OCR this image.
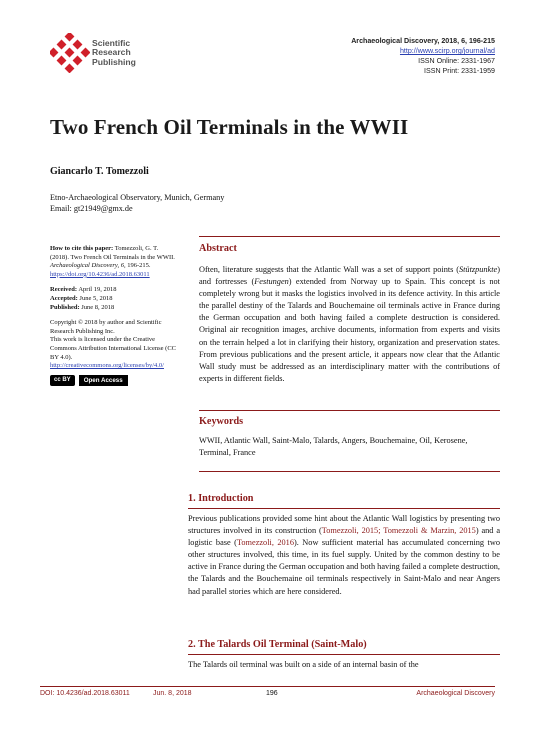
Scientific
Research
Publishing
Archaeological Discovery, 2018, 6, 196-215
http://www.scirp.org/journal/ad
ISSN Online: 2331-1967
ISSN Print: 2331-1959
Two French Oil Terminals in the WWII
Giancarlo T. Tomezzoli
Etno-Archaeological Observatory, Munich, Germany
Email: gt21949@gmx.de

How to cite this paper: Tomezzoli, G. T. (2018). Two French Oil Terminals in the WWII. Archaeological Discovery, 6, 196-215. https://doi.org/10.4236/ad.2018.63011

Received: April 19, 2018

Accepted: June 5, 2018

Published: June 8, 2018

Copyright © 2018 by author and Scientific Research Publishing Inc.

This work is licensed under the Creative Commons Attribution International License (CC BY 4.0).

http://creativecommons.org/licenses/by/4.0/

cc BY Open Access
Abstract
Often, literature suggests that the Atlantic Wall was a set of support points (Stützpunkte) and fortresses (Festungen) extended from Norway up to Spain. This concept is not completely wrong but it masks the logistics involved in its defence activity. In this article the parallel destiny of the Talards and Bouchemaine oil terminals active in France during the German occupation and both having failed a complete destruction is considered. Original air recognition images, archive documents, information from experts and visits on the terrain helped a lot in clarifying their history, organization and preservation states. From previous publications and the present article, it appears now clear that the Atlantic Wall study must be addressed as an interdisciplinary matter with the contributions of experts in different fields.
Keywords
WWII, Atlantic Wall, Saint-Malo, Talards, Angers, Bouchemaine, Oil, Kerosene, Terminal, France
1. Introduction
Previous publications provided some hint about the Atlantic Wall logistics by presenting two structures involved in its construction (Tomezzoli, 2015; Tomezzoli & Marzin, 2015) and a logistic base (Tomezzoli, 2016). Now sufficient material has accumulated concerning two other structures involved, this time, in its fuel supply. United by the common destiny to be active in France during the German occupation and both having failed a complete destruction, the Talards and the Bouchemaine oil terminals respectively in Saint-Malo and near Angers had parallel stories which are here considered.
2. The Talards Oil Terminal (Saint-Malo)
The Talards oil terminal was built on a side of an internal basin of the
DOI: 10.4236/ad.2018.63011	Jun. 8, 2018	196	Archaeological Discovery
